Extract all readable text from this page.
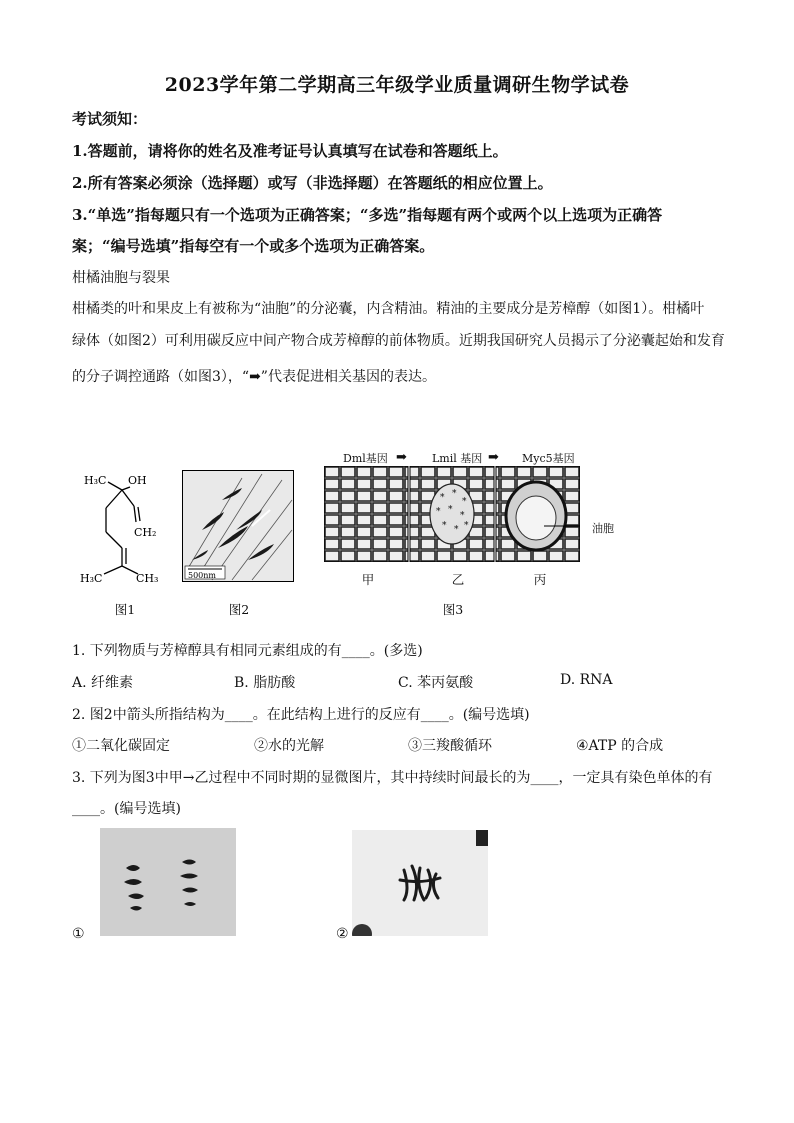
2023学年第二学期高三年级学业质量调研生物学试卷
考试须知：
1.答题前，请将你的姓名及准考证号认真填写在试卷和答题纸上。
2.所有答案必须涂（选择题）或写（非选择题）在答题纸的相应位置上。
3.“单选”指每题只有一个选项为正确答案；“多选”指每题有两个或两个以上选项为正确答
案；“编号选填”指每空有一个或多个选项为正确答案。
柑橘油胞与裂果
柑橘类的叶和果皮上有被称为“油胞”的分泌囊，内含精油。精油的主要成分是芳樟醇（如图1）。柑橘叶
绿体（如图2）可利用碳反应中间产物合成芳樟醇的前体物质。近期我国研究人员揭示了分泌囊起始和发育
的分子调控通路（如图3），“➡”代表促进相关基因的表达。
H₃C OH
CH₂
H₃C	CH₃
图1
500nm
图2
Dml基因 ➡ Lmil 基因 ➡ Myc5基因
* *
*
* *
*
* * *	油胞
甲	乙	丙
图3
1. 下列物质与芳樟醇具有相同元素组成的有____。(多选)
A. 纤维素	B. 脂肪酸	C. 苯丙氨酸	D. RNA
2. 图2中箭头所指结构为____。在此结构上进行的反应有____。(编号选填)
①二氧化碳固定	②水的光解	③三羧酸循环	④ATP 的合成
3. 下列为图3中甲→乙过程中不同时期的显微图片，其中持续时间最长的为____，一定具有染色单体的有
____。(编号选填)
①	②
